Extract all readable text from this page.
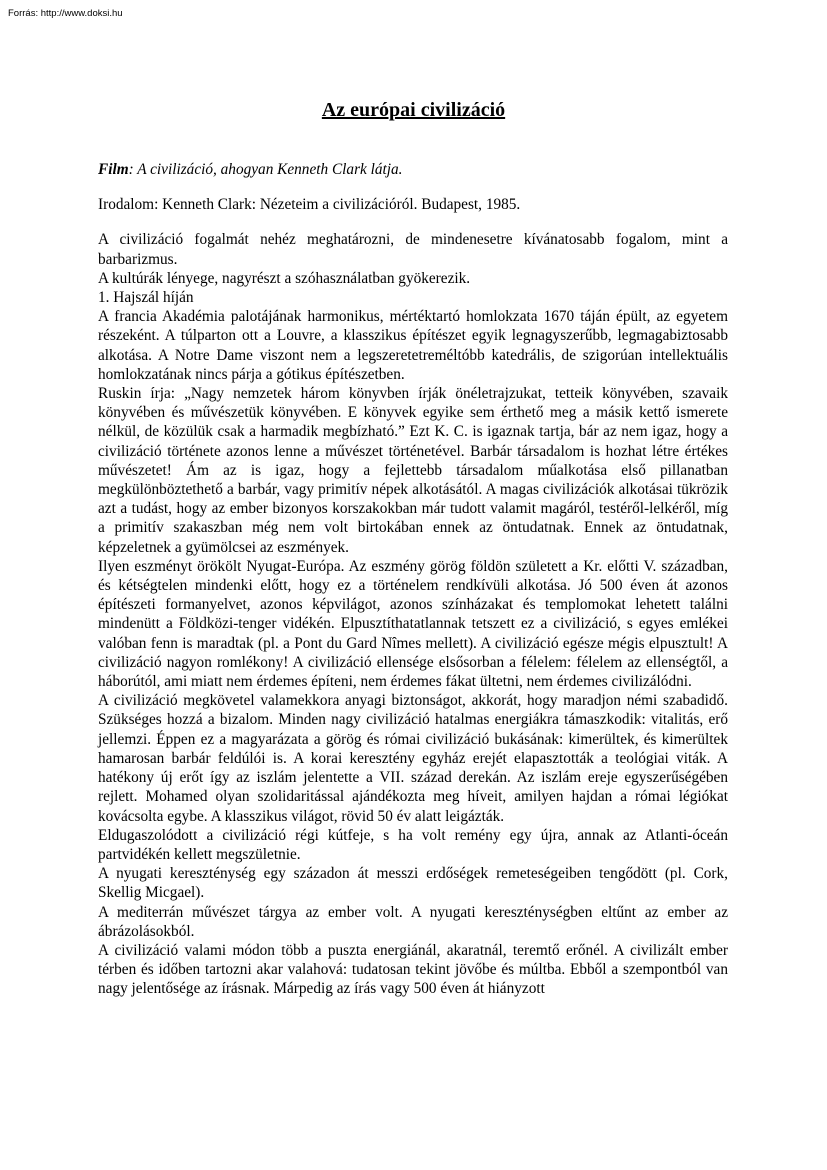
Forrás: http://www.doksi.hu
Az európai civilizáció

Film: A civilizáció, ahogyan Kenneth Clark látja.

Irodalom: Kenneth Clark: Nézeteim a civilizációról. Budapest, 1985.

A civilizáció fogalmát nehéz meghatározni, de mindenesetre kívánatosabb fogalom, mint a barbarizmus.

A kultúrák lényege, nagyrészt a szóhasználatban gyökerezik.

1. Hajszál híján

A francia Akadémia palotájának harmonikus, mértéktartó homlokzata 1670 táján épült, az egyetem részeként. A túlparton ott a Louvre, a klasszikus építészet egyik legnagyszerűbb, legmagabiztosabb alkotása. A Notre Dame viszont nem a legszeretetreméltóbb katedrális, de szigorúan intellektuális homlokzatának nincs párja a gótikus építészetben.

Ruskin írja: „Nagy nemzetek három könyvben írják önéletrajzukat, tetteik könyvében, szavaik könyvében és művészetük könyvében. E könyvek egyike sem érthető meg a másik kettő ismerete nélkül, de közülük csak a harmadik megbízható.” Ezt K. C. is igaznak tartja, bár az nem igaz, hogy a civilizáció története azonos lenne a művészet történetével. Barbár társadalom is hozhat létre értékes művészetet! Ám az is igaz, hogy a fejlettebb társadalom műalkotása első pillanatban megkülönböztethető a barbár, vagy primitív népek alkotásától. A magas civilizációk alkotásai tükrözik azt a tudást, hogy az ember bizonyos korszakokban már tudott valamit magáról, testéről-lelkéről, míg a primitív szakaszban még nem volt birtokában ennek az öntudatnak. Ennek az öntudatnak, képzeletnek a gyümölcsei az eszmények.

Ilyen eszményt örökölt Nyugat-Európa. Az eszmény görög földön született a Kr. előtti V. században, és kétségtelen mindenki előtt, hogy ez a történelem rendkívüli alkotása. Jó 500 éven át azonos építészeti formanyelvet, azonos képvilágot, azonos színházakat és templomokat lehetett találni mindenütt a Földközi-tenger vidékén. Elpusztíthatatlannak tetszett ez a civilizáció, s egyes emlékei valóban fenn is maradtak (pl. a Pont du Gard Nîmes mellett). A civilizáció egésze mégis elpusztult! A civilizáció nagyon romlékony! A civilizáció ellensége elsősorban a félelem: félelem az ellenségtől, a háborútól, ami miatt nem érdemes építeni, nem érdemes fákat ültetni, nem érdemes civilizálódni.

A civilizáció megkövetel valamekkora anyagi biztonságot, akkorát, hogy maradjon némi szabadidő. Szükséges hozzá a bizalom. Minden nagy civilizáció hatalmas energiákra támaszkodik: vitalitás, erő jellemzi. Éppen ez a magyarázata a görög és római civilizáció bukásának: kimerültek, és kimerültek hamarosan barbár feldúlói is. A korai keresztény egyház erejét elapasztották a teológiai viták. A hatékony új erőt így az iszlám jelentette a VII. század derekán. Az iszlám ereje egyszerűségében rejlett. Mohamed olyan szolidaritással ajándékozta meg híveit, amilyen hajdan a római légiókat kovácsolta egybe. A klasszikus világot, rövid 50 év alatt leigázták.

Eldugaszolódott a civilizáció régi kútfeje, s ha volt remény egy újra, annak az Atlanti-óceán partvidékén kellett megszületnie.

A nyugati kereszténység egy századon át messzi erdőségek remeteségeiben tengődött (pl. Cork, Skellig Micgael).

A mediterrán művészet tárgya az ember volt. A nyugati kereszténységben eltűnt az ember az ábrázolásokból.

A civilizáció valami módon több a puszta energiánál, akaratnál, teremtő erőnél. A civilizált ember térben és időben tartozni akar valahová: tudatosan tekint jövőbe és múltba. Ebből a szempontból van nagy jelentősége az írásnak. Márpedig az írás vagy 500 éven át hiányzott
